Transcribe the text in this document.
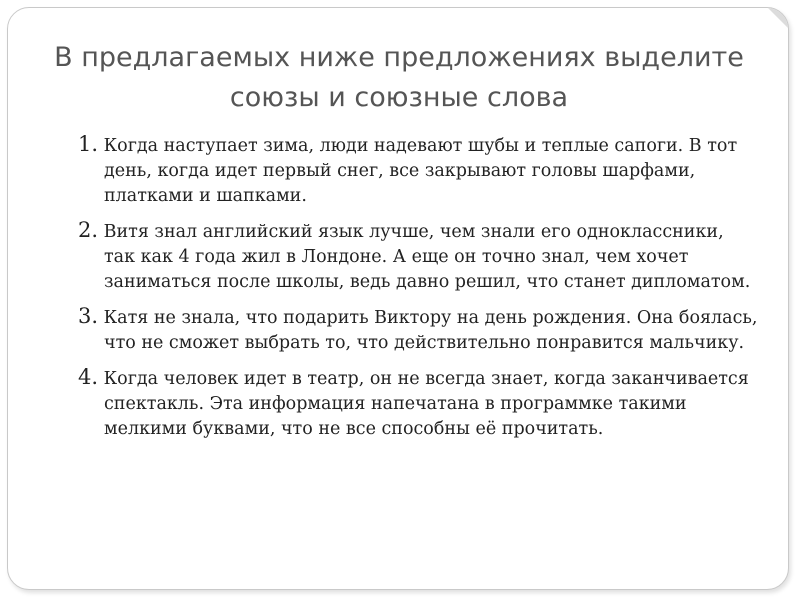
В предлагаемых ниже предложениях выделите союзы и союзные слова
1. Когда наступает зима, люди надевают шубы и теплые сапоги. В тот день, когда идет первый снег, все закрывают головы шарфами, платками и шапками.
2. Витя знал английский язык лучше, чем знали его одноклассники, так как 4 года жил в Лондоне. А еще он точно знал, чем хочет заниматься после школы, ведь давно решил, что станет дипломатом.
3. Катя не знала, что подарить Виктору на день рождения. Она боялась, что не сможет выбрать то, что действительно понравится мальчику.
4. Когда человек идет в театр, он не всегда знает, когда заканчивается спектакль. Эта информация напечатана в программке такими мелкими буквами, что не все способны её прочитать.
